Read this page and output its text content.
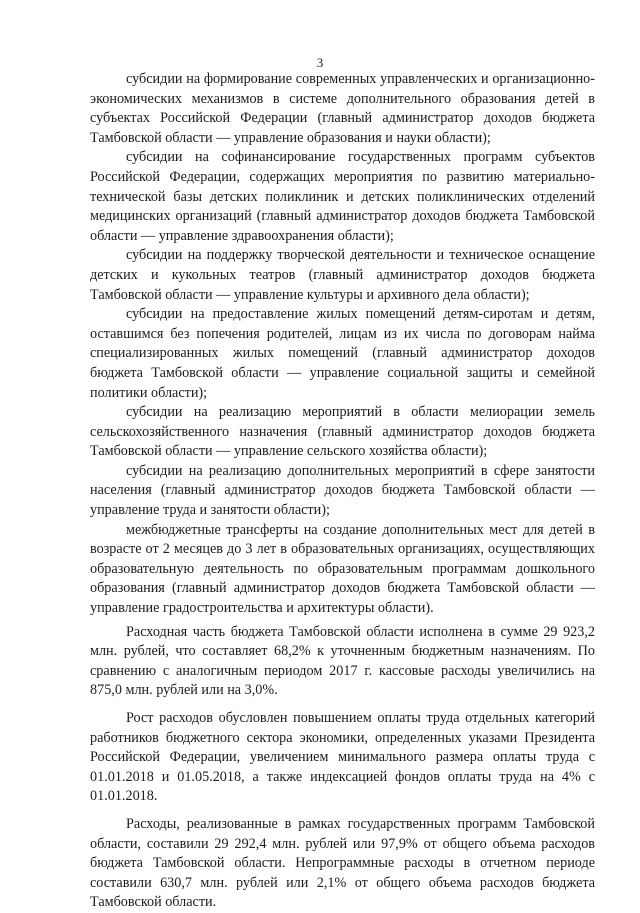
3

субсидии на формирование современных управленческих и организационно-экономических механизмов в системе дополнительного образования детей в субъектах Российской Федерации (главный администратор доходов бюджета Тамбовской области — управление образования и науки области);

субсидии на софинансирование государственных программ субъектов Российской Федерации, содержащих мероприятия по развитию материально-технической базы детских поликлиник и детских поликлинических отделений медицинских организаций (главный администратор доходов бюджета Тамбовской области — управление здравоохранения области);

субсидии на поддержку творческой деятельности и техническое оснащение детских и кукольных театров (главный администратор доходов бюджета Тамбовской области — управление культуры и архивного дела области);

субсидии на предоставление жилых помещений детям-сиротам и детям, оставшимся без попечения родителей, лицам из их числа по договорам найма специализированных жилых помещений (главный администратор доходов бюджета Тамбовской области — управление социальной защиты и семейной политики области);

субсидии на реализацию мероприятий в области мелиорации земель сельскохозяйственного назначения (главный администратор доходов бюджета Тамбовской области — управление сельского хозяйства области);

субсидии на реализацию дополнительных мероприятий в сфере занятости населения (главный администратор доходов бюджета Тамбовской области — управление труда и занятости области);

межбюджетные трансферты на создание дополнительных мест для детей в возрасте от 2 месяцев до 3 лет в образовательных организациях, осуществляющих образовательную деятельность по образовательным программам дошкольного образования (главный администратор доходов бюджета Тамбовской области — управление градостроительства и архитектуры области).

Расходная часть бюджета Тамбовской области исполнена в сумме 29 923,2 млн. рублей, что составляет 68,2% к уточненным бюджетным назначениям. По сравнению с аналогичным периодом 2017 г. кассовые расходы увеличились на 875,0 млн. рублей или на 3,0%.

Рост расходов обусловлен повышением оплаты труда отдельных категорий работников бюджетного сектора экономики, определенных указами Президента Российской Федерации, увеличением минимального размера оплаты труда с 01.01.2018 и 01.05.2018, а также индексацией фондов оплаты труда на 4% с 01.01.2018.

Расходы, реализованные в рамках государственных программ Тамбовской области, составили 29 292,4 млн. рублей или 97,9% от общего объема расходов бюджета Тамбовской области. Непрограммные расходы в отчетном периоде составили 630,7 млн. рублей или 2,1% от общего объема расходов бюджета Тамбовской области.
